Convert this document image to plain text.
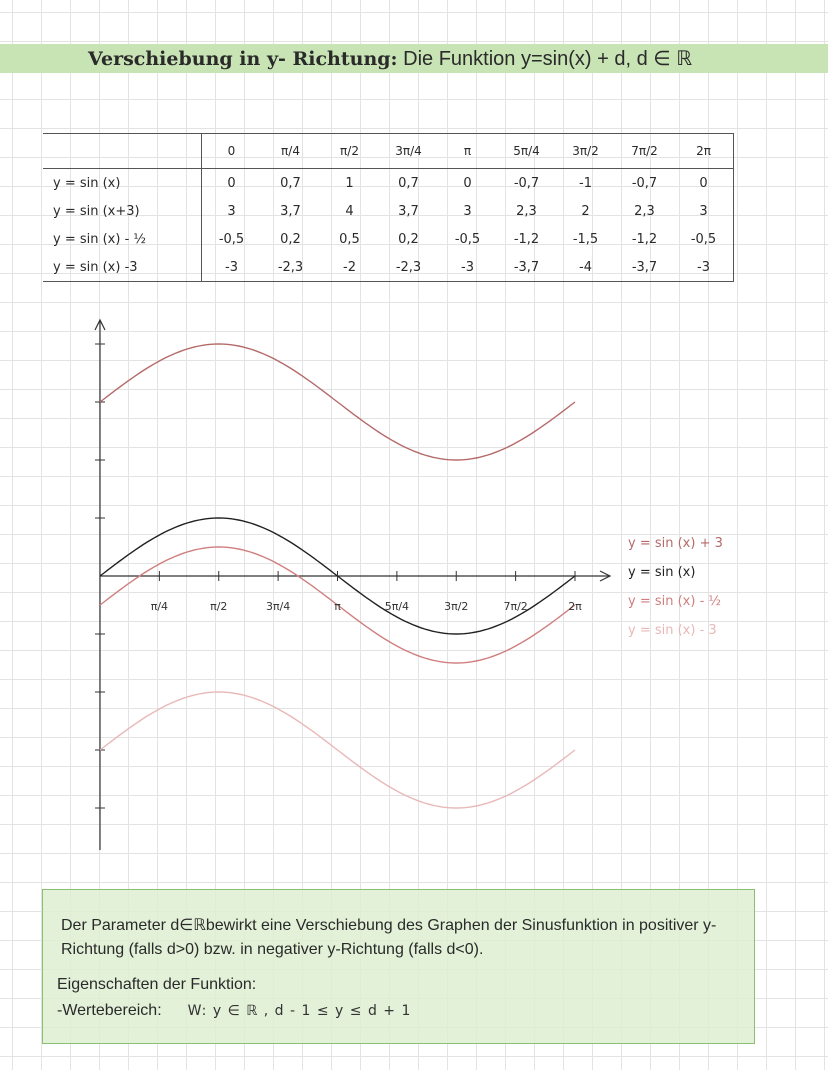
Verschiebung in y- Richtung: Die Funktion y=sin(x) + d, d ∈ ℝ
	0	π/4	π/2	3π/4	π	5π/4	3π/2	7π/2	2π
y = sin (x)	0	0,7	1	0,7	0	-0,7	-1	-0,7	0
y = sin (x+3)	3	3,7	4	3,7	3	2,3	2	2,3	3
y = sin (x) - ½	-0,5	0,2	0,5	0,2	-0,5	-1,2	-1,5	-1,2	-0,5
y = sin (x) -3	-3	-2,3	-2	-2,3	-3	-3,7	-4	-3,7	-3
π/4	π/2	3π/4	π	5π/4	3π/2	7π/2	2π
y = sin (x) + 3
y = sin (x)
y = sin (x) - ½
y = sin (x) - 3
Der Parameter d∈ℝbewirkt eine Verschiebung des Graphen der Sinusfunktion in positiver y-Richtung (falls d>0) bzw. in negativer y-Richtung (falls d<0).
Eigenschaften der Funktion:
-Wertebereich: W: y ∈ ℝ , d - 1 ≤ y ≤ d + 1
